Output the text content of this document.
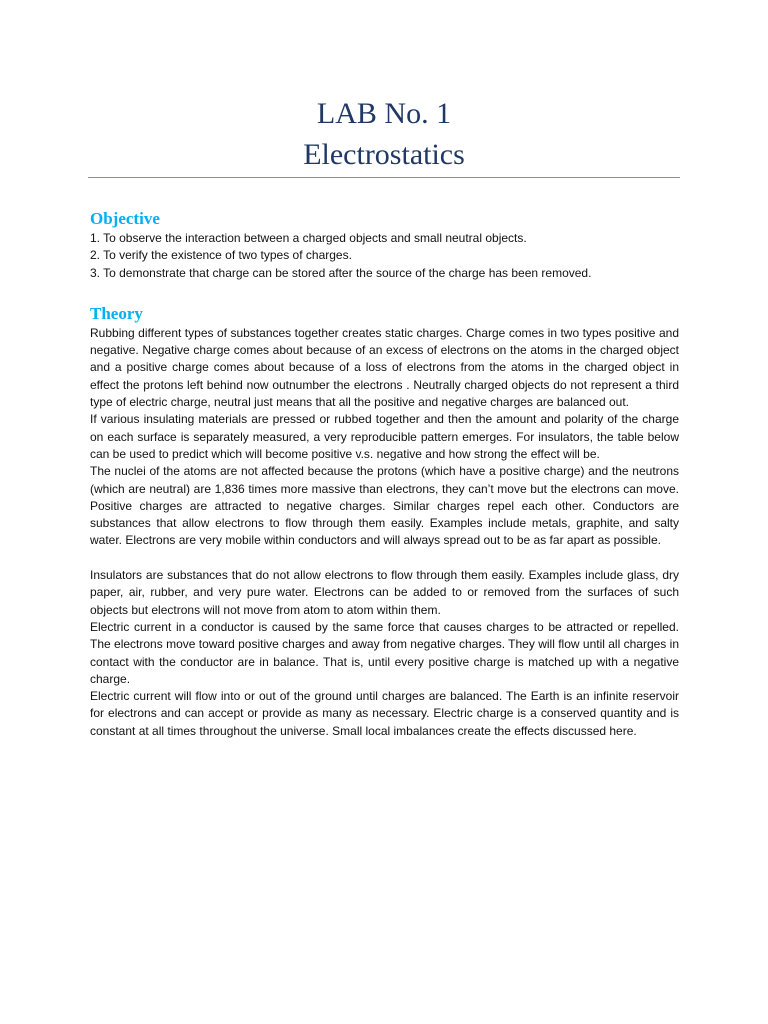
LAB No. 1
Electrostatics
Objective
1. To observe the interaction between a charged objects and small neutral objects.
2. To verify the existence of two types of charges.
3. To demonstrate that charge can be stored after the source of the charge has been removed.
Theory

Rubbing different types of substances together creates static charges. Charge comes in two types positive and negative. Negative charge comes about because of an excess of electrons on the atoms in the charged object and a positive charge comes about because of a loss of electrons from the atoms in the charged object in effect the protons left behind now outnumber the electrons . Neutrally charged objects do not represent a third type of electric charge, neutral just means that all the positive and negative charges are balanced out.

If various insulating materials are pressed or rubbed together and then the amount and polarity of the charge on each surface is separately measured, a very reproducible pattern emerges. For insulators, the table below can be used to predict which will become positive v.s. negative and how strong the effect will be.

The nuclei of the atoms are not affected because the protons (which have a positive charge) and the neutrons (which are neutral) are 1,836 times more massive than electrons, they can’t move but the electrons can move. Positive charges are attracted to negative charges. Similar charges repel each other. Conductors are substances that allow electrons to flow through them easily. Examples include metals, graphite, and salty water. Electrons are very mobile within conductors and will always spread out to be as far apart as possible.

Insulators are substances that do not allow electrons to flow through them easily. Examples include glass, dry paper, air, rubber, and very pure water. Electrons can be added to or removed from the surfaces of such objects but electrons will not move from atom to atom within them.

Electric current in a conductor is caused by the same force that causes charges to be attracted or repelled. The electrons move toward positive charges and away from negative charges. They will flow until all charges in contact with the conductor are in balance. That is, until every positive charge is matched up with a negative charge.

Electric current will flow into or out of the ground until charges are balanced. The Earth is an infinite reservoir for electrons and can accept or provide as many as necessary. Electric charge is a conserved quantity and is constant at all times throughout the universe. Small local imbalances create the effects discussed here.
